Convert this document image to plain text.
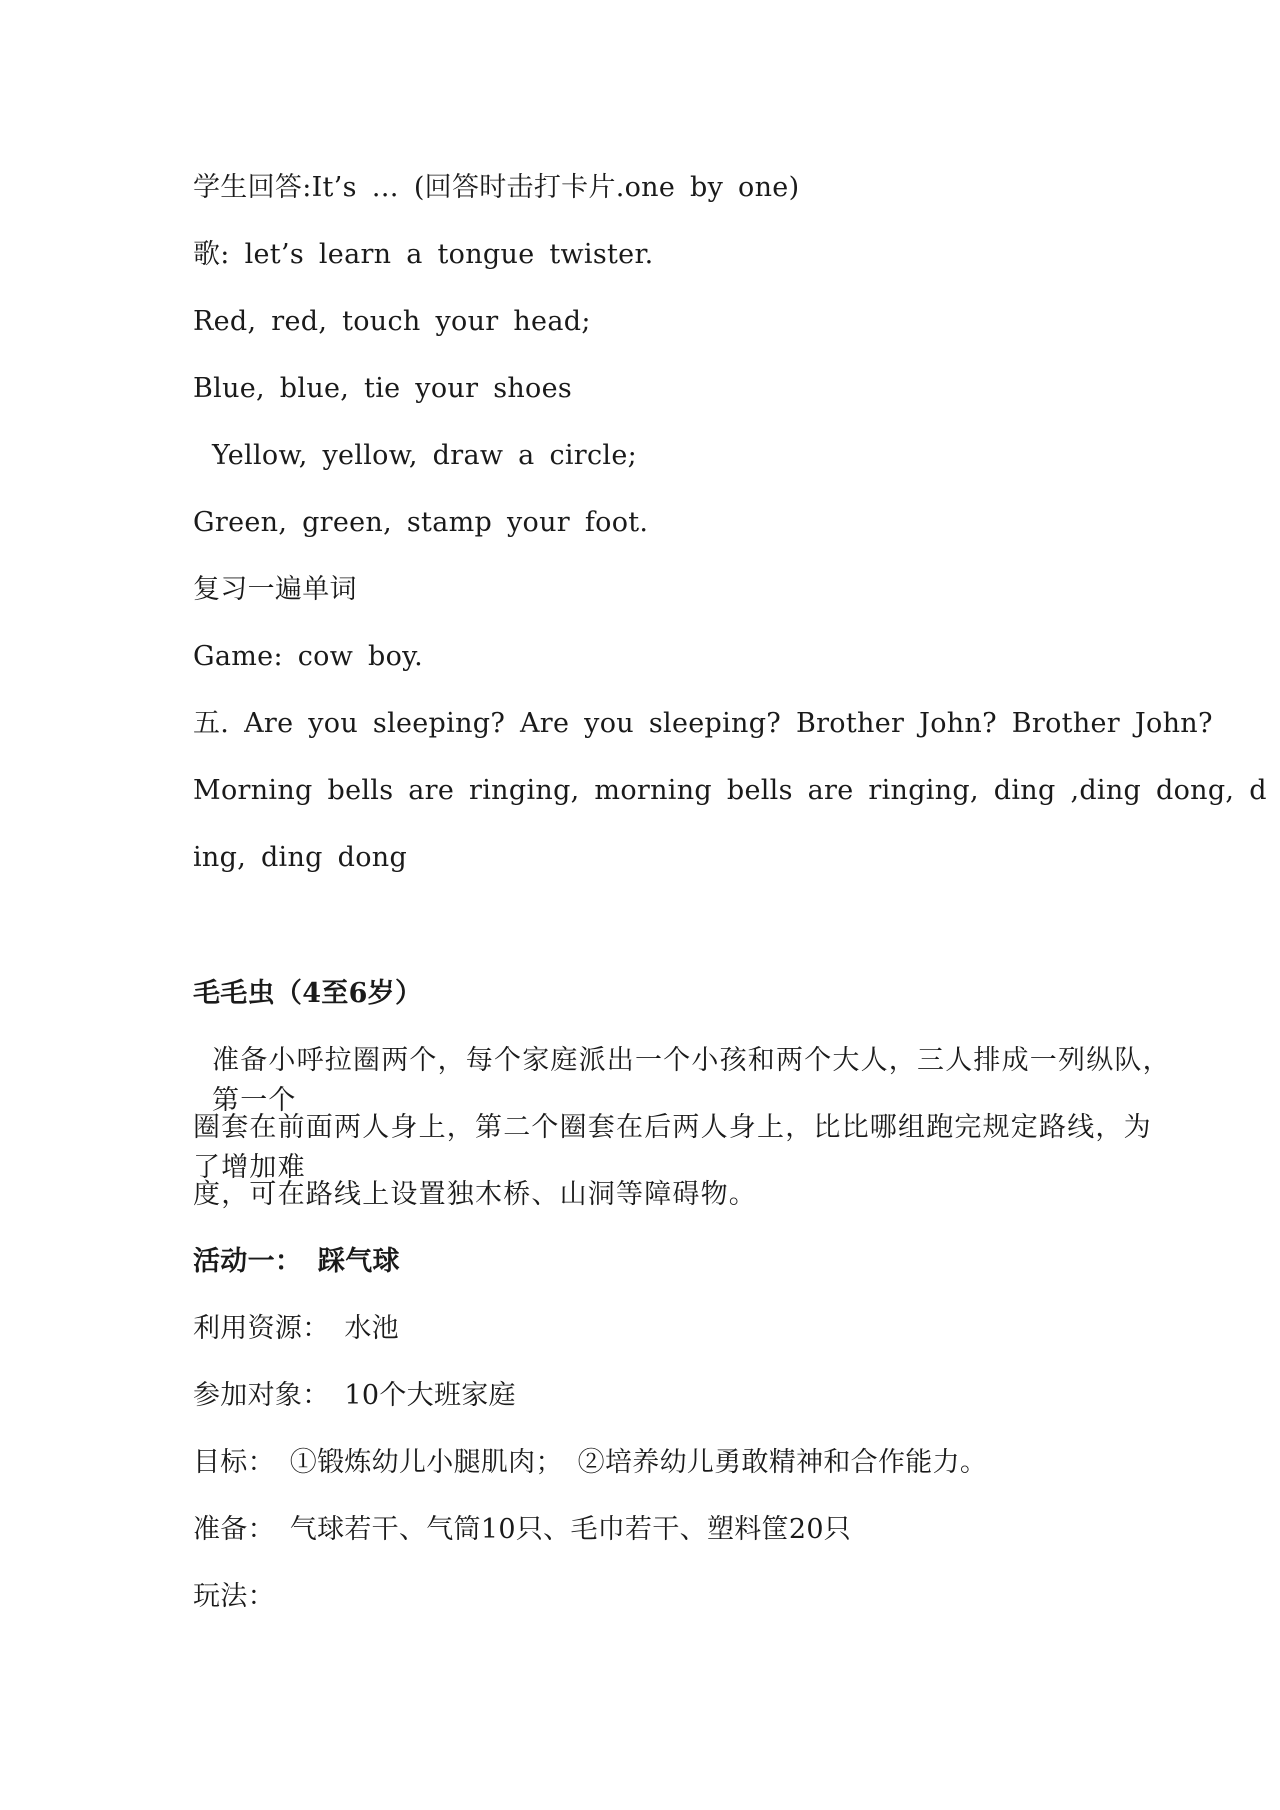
学生回答:It’s … (回答时击打卡片.one by one)
歌: let’s learn a tongue twister.
Red, red, touch your head;
Blue, blue, tie your shoes
Yellow, yellow, draw a circle;
Green, green, stamp your foot.
复习一遍单词
Game: cow boy.
五. Are you sleeping? Are you sleeping? Brother John? Brother John?
Morning bells are ringing, morning bells are ringing, ding ,ding dong, d
ing, ding dong
毛毛虫（4至6岁）
准备小呼拉圈两个，每个家庭派出一个小孩和两个大人，三人排成一列纵队，第一个
圈套在前面两人身上，第二个圈套在后两人身上，比比哪组跑完规定路线，为了增加难
度，可在路线上设置独木桥、山洞等障碍物。
活动一： 踩气球
利用资源： 水池
参加对象： 10个大班家庭
目标： ①锻炼幼儿小腿肌肉； ②培养幼儿勇敢精神和合作能力。
准备： 气球若干、气筒10只、毛巾若干、塑料筐20只
玩法：
